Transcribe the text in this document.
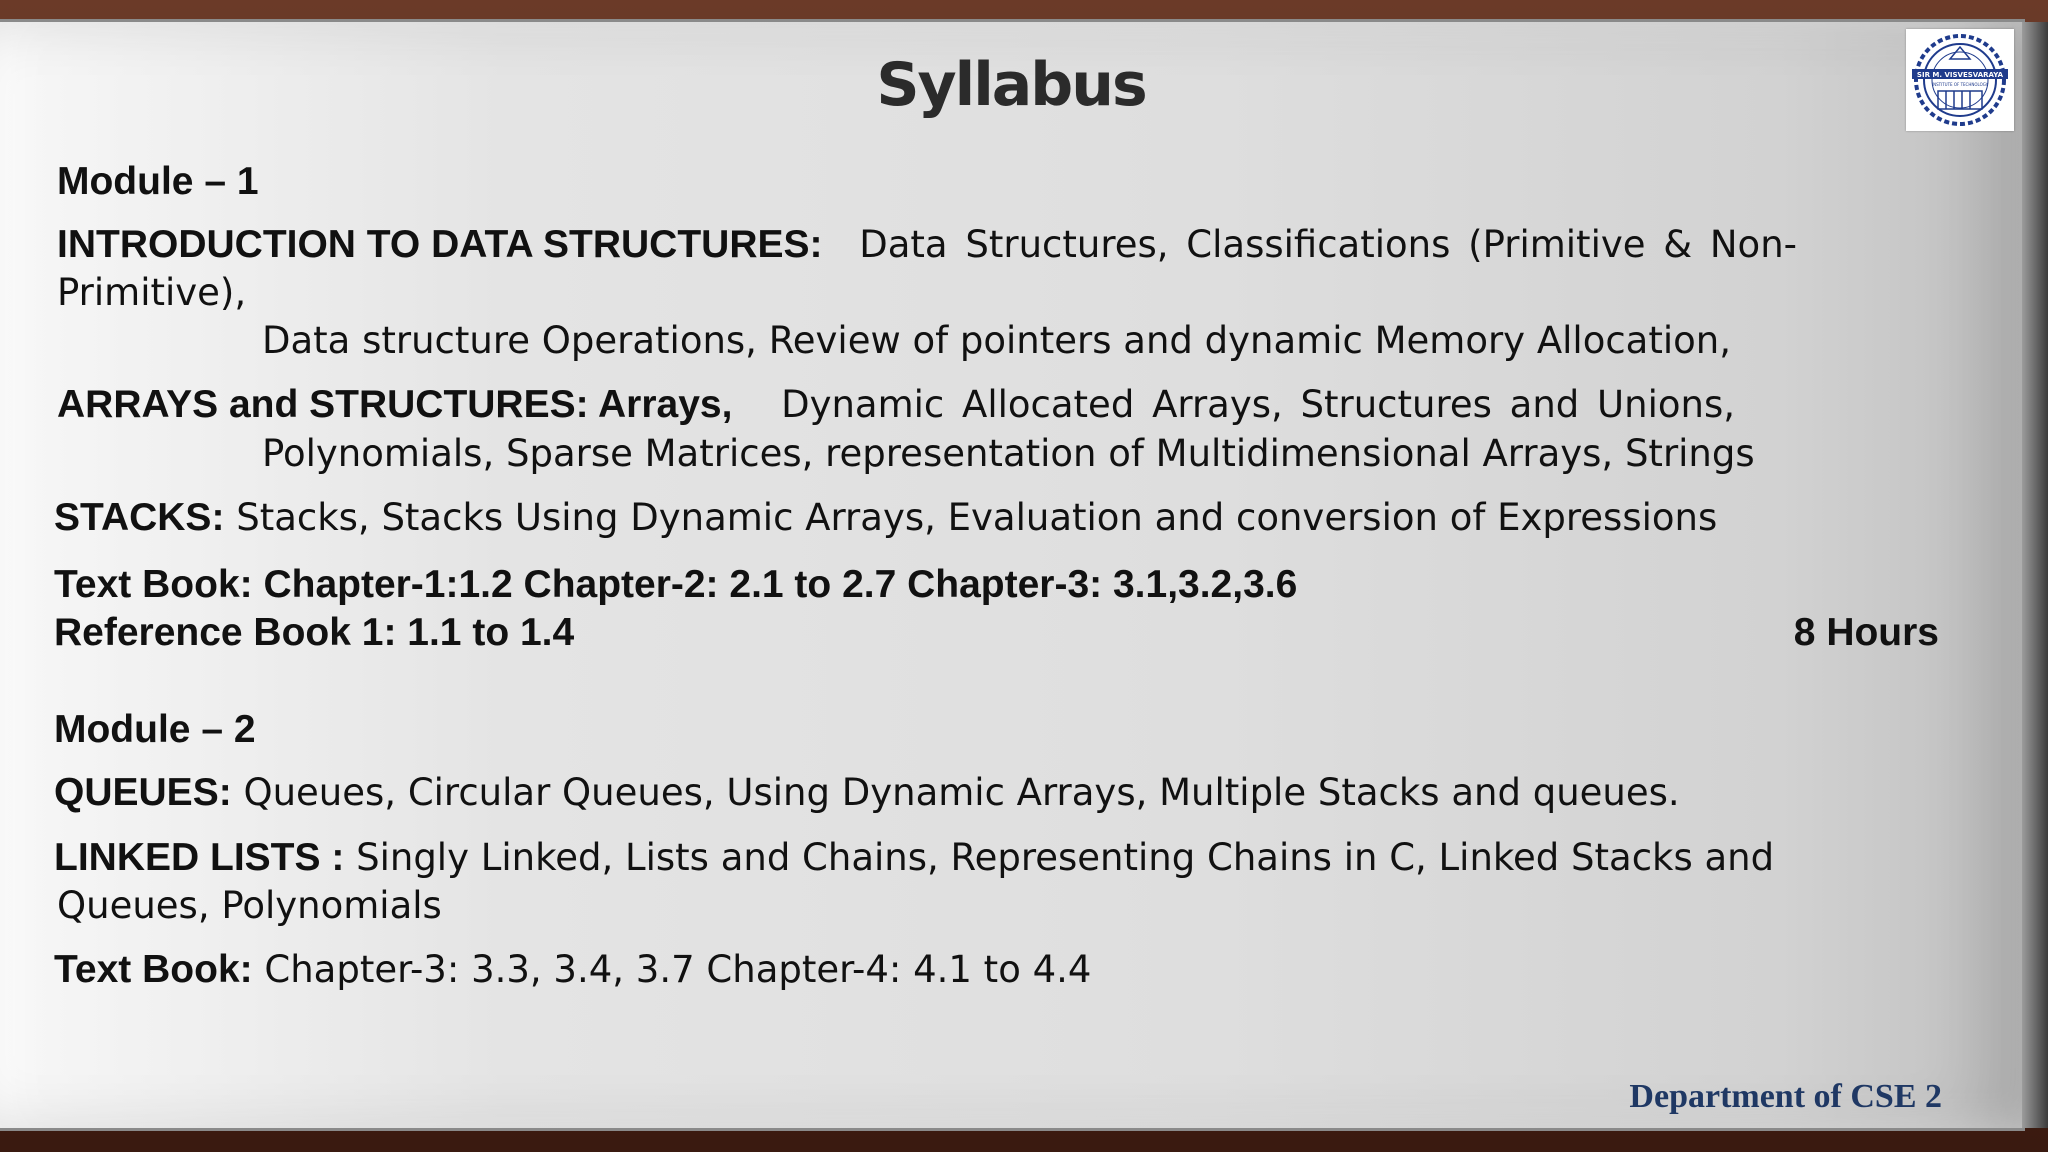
Syllabus	SIR M. VISVESVARAYA
INSTITUTE OF TECHNOLOGY
Module – 1
INTRODUCTION TO DATA STRUCTURES: Data Structures, Classifications (Primitive & Non-
Primitive),
Data structure Operations, Review of pointers and dynamic Memory Allocation,
ARRAYS and STRUCTURES: Arrays, Dynamic Allocated Arrays, Structures and Unions,
Polynomials, Sparse Matrices, representation of Multidimensional Arrays, Strings
STACKS: Stacks, Stacks Using Dynamic Arrays, Evaluation and conversion of Expressions
Text Book: Chapter-1:1.2 Chapter-2: 2.1 to 2.7 Chapter-3: 3.1,3.2,3.6
Reference Book 1: 1.1 to 1.4	8 Hours
Module – 2
QUEUES: Queues, Circular Queues, Using Dynamic Arrays, Multiple Stacks and queues.
LINKED LISTS : Singly Linked, Lists and Chains, Representing Chains in C, Linked Stacks and
Queues, Polynomials
Text Book: Chapter-3: 3.3, 3.4, 3.7 Chapter-4: 4.1 to 4.4
Department of CSE 2
